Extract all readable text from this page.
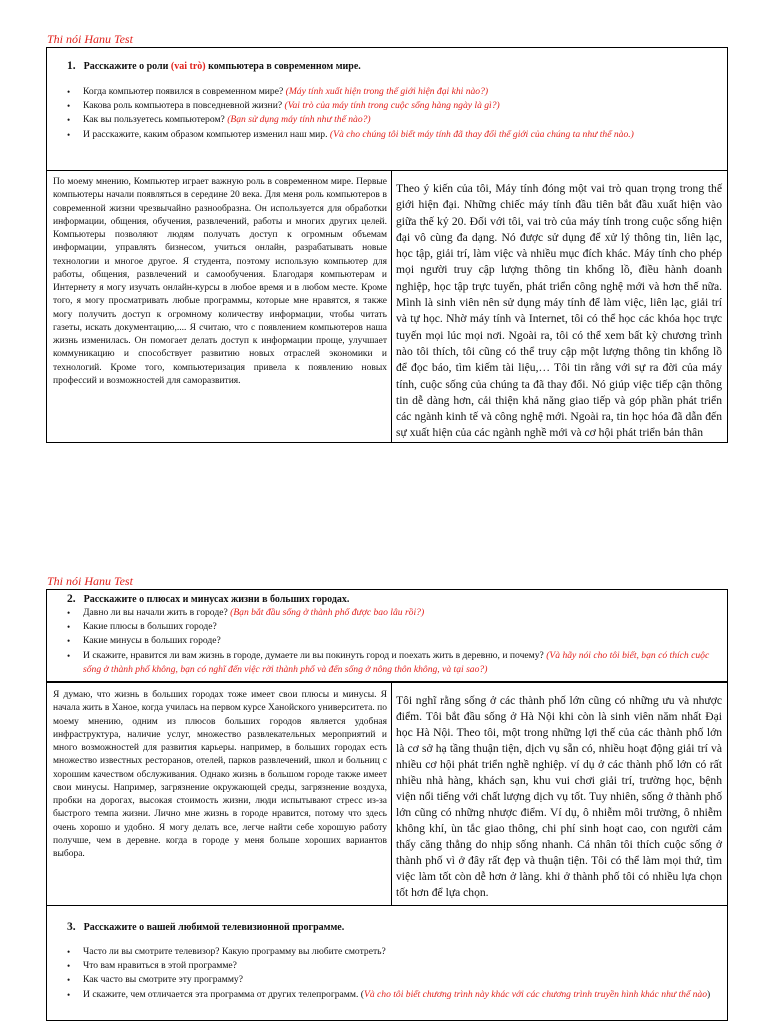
Thi nói Hanu Test
1. Расскажите о роли (vai trò) компьютера в современном мире.
• Когда компьютер появился в современном мире? (Máy tính xuất hiện trong thế giới hiện đại khi nào?)
• Какова роль компьютера в повседневной жизни? (Vai trò của máy tính trong cuộc sống hàng ngày là gì?)
• Как вы пользуетесь компьютером? (Bạn sử dụng máy tính như thế nào?)
• И расскажите, каким образом компьютер изменил наш мир. (Và cho chúng tôi biết máy tính đã thay đổi thế giới của chúng ta như thế nào.)
По моему мнению, Компьютер играет важную роль в современном мире. Первые компьютеры начали появляться в середине 20 века. Для меня роль компьютеров в современной жизни чрезвычайно разнообразна. Он используется для обработки информации, общения, обучения, развлечений, работы и многих других целей. Компьютеры позволяют людям получать доступ к огромным объемам информации, управлять бизнесом, учиться онлайн, разрабатывать новые технологии и многое другое. Я студента, поэтому использую компьютер для работы, общения, развлечений и самообучения. Благодаря компьютерам и Интернету я могу изучать онлайн-курсы в любое время и в любом месте. Кроме того, я могу просматривать любые программы, которые мне нравятся, я также могу получить доступ к огромному количеству информации, чтобы читать газеты, искать документацию,.... Я считаю, что с появлением компьютеров наша жизнь изменилась. Он помогает делать доступ к информации проще, улучшает коммуникацию и способствует развитию новых отраслей экономики и технологий. Кроме того, компьютеризация привела к появлению новых профессий и возможностей для саморазвития.
Theo ý kiến của tôi, Máy tính đóng một vai trò quan trọng trong thế giới hiện đại. Những chiếc máy tính đầu tiên bắt đầu xuất hiện vào giữa thế kỷ 20. Đối với tôi, vai trò của máy tính trong cuộc sống hiện đại vô cùng đa dạng. Nó được sử dụng để xử lý thông tin, liên lạc, học tập, giải trí, làm việc và nhiều mục đích khác. Máy tính cho phép mọi người truy cập lượng thông tin khổng lồ, điều hành doanh nghiệp, học tập trực tuyến, phát triển công nghệ mới và hơn thế nữa. Mình là sinh viên nên sử dụng máy tính để làm việc, liên lạc, giải trí và tự học. Nhờ máy tính và Internet, tôi có thể học các khóa học trực tuyến mọi lúc mọi nơi. Ngoài ra, tôi có thể xem bất kỳ chương trình nào tôi thích, tôi cũng có thể truy cập một lượng thông tin khổng lồ để đọc báo, tìm kiếm tài liệu,… Tôi tin rằng với sự ra đời của máy tính, cuộc sống của chúng ta đã thay đổi. Nó giúp việc tiếp cận thông tin dễ dàng hơn, cải thiện khả năng giao tiếp và góp phần phát triển các ngành kinh tế và công nghệ mới. Ngoài ra, tin học hóa đã dẫn đến sự xuất hiện của các ngành nghề mới và cơ hội phát triển bản thân
Thi nói Hanu Test
2. Расскажите о плюсах и минусах жизни в больших городах.
• Давно ли вы начали жить в городе? (Bạn bắt đầu sống ở thành phố được bao lâu rồi?)
• Какие плюсы в больших городе?
• Какие минусы в больших городе?
• И скажите, нравится ли вам жизнь в городе, думаете ли вы покинуть город и поехать жить в деревню, и почему? (Và hãy nói cho tôi biết, bạn có thích cuộc sống ở thành phố không, bạn có nghĩ đến việc rời thành phố và đến sống ở nông thôn không, và tại sao?)
Я думаю, что жизнь в больших городах тоже имеет свои плюсы и минусы. Я начала жить в Ханое, когда училась на первом курсе Ханойского университета. по моему мнению, одним из плюсов больших городов является удобная инфраструктура, наличие услуг, множество развлекательных мероприятий и много возможностей для развития карьеры. например, в больших городах есть множество известных ресторанов, отелей, парков развлечений, школ и больниц с хорошим качеством обслуживания. Однако жизнь в большом городе также имеет свои минусы. Например, загрязнение окружающей среды, загрязнение воздуха, пробки на дорогах, высокая стоимость жизни, люди испытывают стресс из-за быстрого темпа жизни. Лично мне жизнь в городе нравится, потому что здесь очень хорошо и удобно. Я могу делать все, легче найти себе хорошую работу получше, чем в деревне. когда в городе у меня больше хороших вариантов выбора.
Tôi nghĩ rằng sống ở các thành phố lớn cũng có những ưu và nhược điểm. Tôi bắt đầu sống ở Hà Nội khi còn là sinh viên năm nhất Đại học Hà Nội. Theo tôi, một trong những lợi thế của các thành phố lớn là cơ sở hạ tầng thuận tiện, dịch vụ sẵn có, nhiều hoạt động giải trí và nhiều cơ hội phát triển nghề nghiệp. ví dụ ở các thành phố lớn có rất nhiều nhà hàng, khách sạn, khu vui chơi giải trí, trường học, bệnh viện nổi tiếng với chất lượng dịch vụ tốt. Tuy nhiên, sống ở thành phố lớn cũng có những nhược điểm. Ví dụ, ô nhiễm môi trường, ô nhiễm không khí, ùn tắc giao thông, chi phí sinh hoạt cao, con người cảm thấy căng thẳng do nhịp sống nhanh. Cá nhân tôi thích cuộc sống ở thành phố vì ở đây rất đẹp và thuận tiện. Tôi có thể làm mọi thứ, tìm việc làm tốt còn dễ hơn ở làng. khi ở thành phố tôi có nhiều lựa chọn tốt hơn để lựa chọn.
3. Расскажите о вашей любимой телевизионной программе.
• Часто ли вы смотрите телевизор? Какую программу вы любите смотреть?
• Что вам нравиться в этой программе?
• Как часто вы смотрите эту программу?
• И скажите, чем отличается эта программа от других телепрограмм. (Và cho tôi biết chương trình này khác với các chương trình truyền hình khác như thế nào)
